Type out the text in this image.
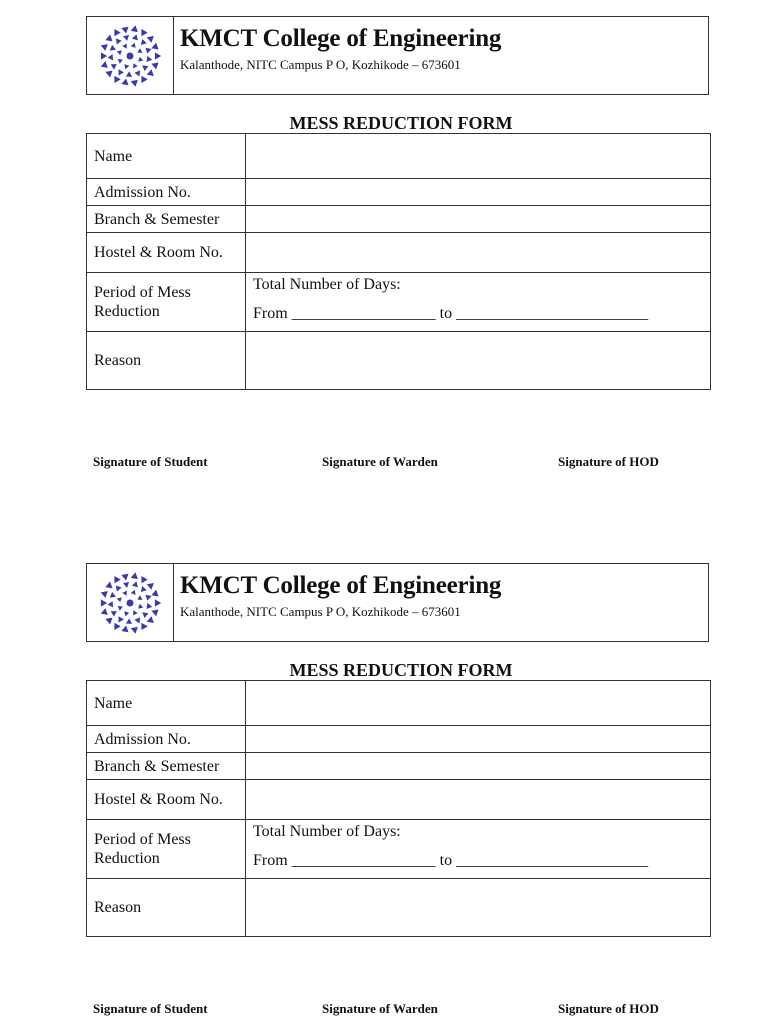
KMCT College of Engineering
Kalanthode, NITC Campus P O, Kozhikode – 673601
MESS REDUCTION FORM
Name	
Admission No.	
Branch & Semester	
Hostel & Room No.	
Period of Mess Reduction	Total Number of Days:
From __________________ to ________________________

Reason	
Signature of Student	Signature of Warden	Signature of HOD
KMCT College of Engineering
Kalanthode, NITC Campus P O, Kozhikode – 673601
MESS REDUCTION FORM
Name	
Admission No.	
Branch & Semester	
Hostel & Room No.	
Period of Mess Reduction	Total Number of Days:
From __________________ to ________________________

Reason	
Signature of Student	Signature of Warden	Signature of HOD
